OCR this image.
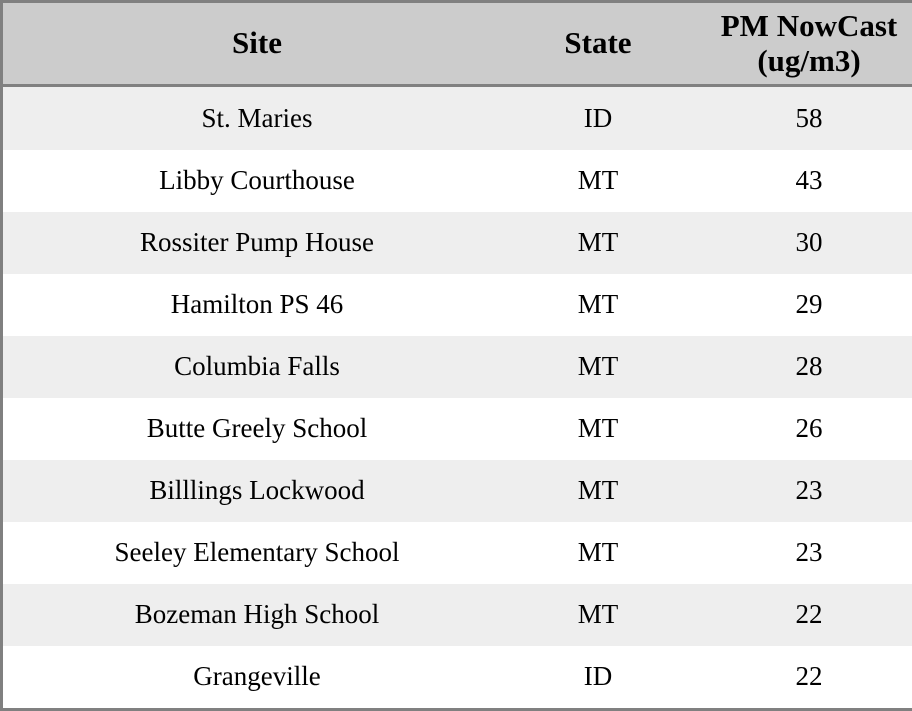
Site	State	PM NowCast (ug/m3)
St. Maries	ID	58
Libby Courthouse	MT	43
Rossiter Pump House	MT	30
Hamilton PS 46	MT	29
Columbia Falls	MT	28
Butte Greely School	MT	26
Billlings Lockwood	MT	23
Seeley Elementary School	MT	23
Bozeman High School	MT	22
Grangeville	ID	22
